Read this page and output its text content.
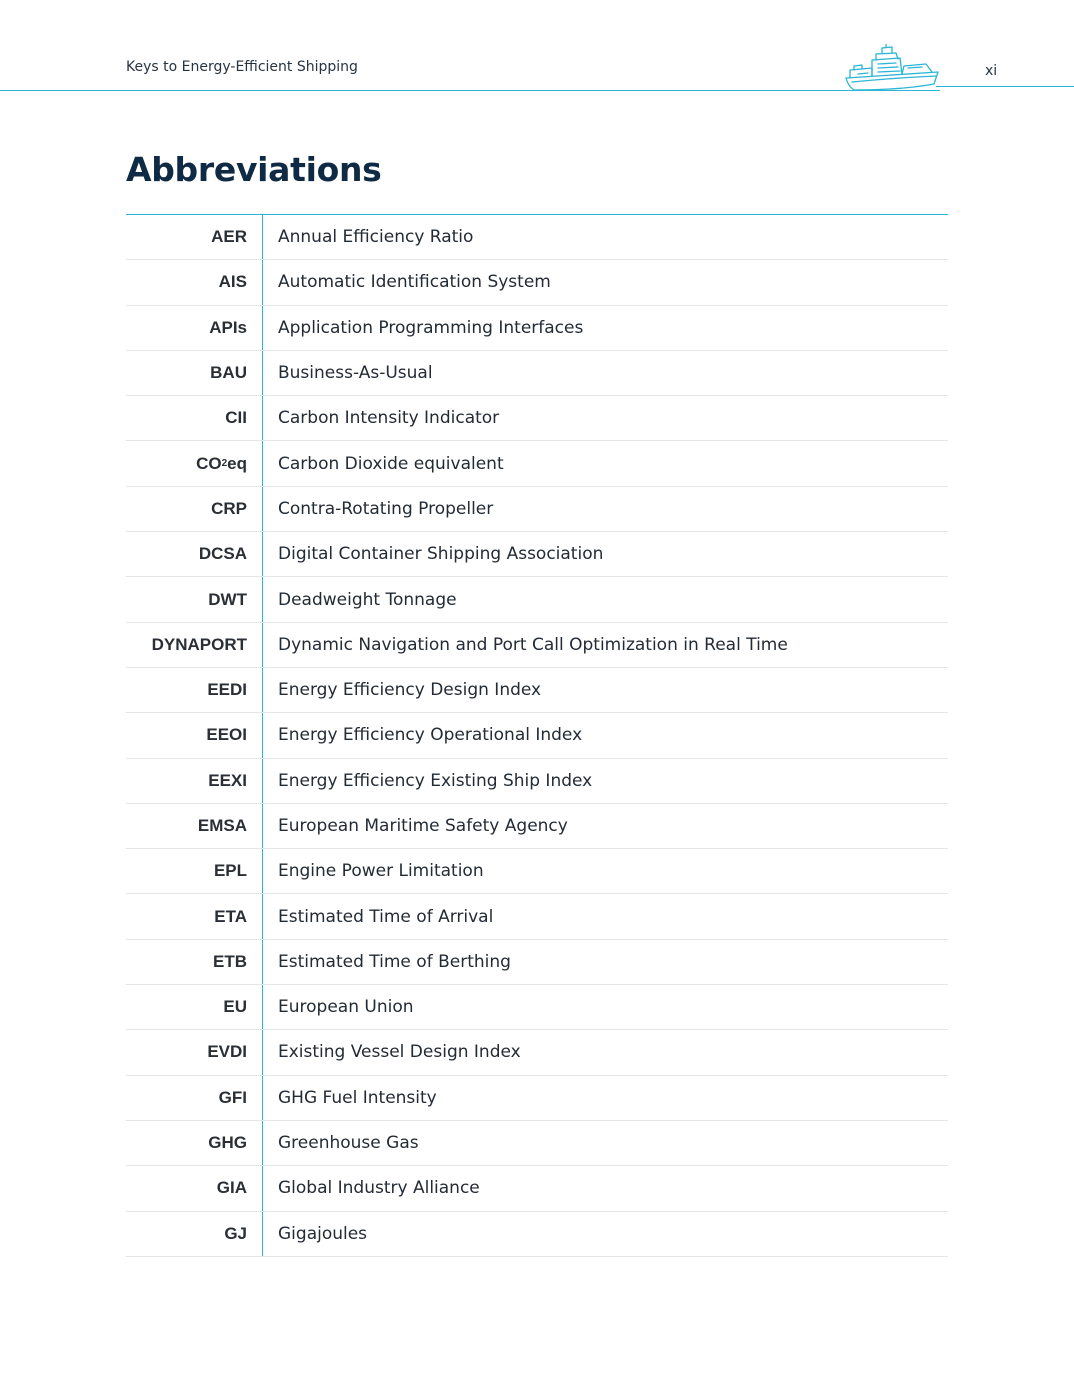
Keys to Energy-Efficient Shipping	xi
Abbreviations
AER	Annual Efficiency Ratio
AIS	Automatic Identification System
APIs	Application Programming Interfaces
BAU	Business-As-Usual
CII	Carbon Intensity Indicator
CO 2 eq	Carbon Dioxide equivalent
CRP	Contra-Rotating Propeller
DCSA	Digital Container Shipping Association
DWT	Deadweight Tonnage
DYNAPORT	Dynamic Navigation and Port Call Optimization in Real Time
EEDI	Energy Efficiency Design Index
EEOI	Energy Efficiency Operational Index
EEXI	Energy Efficiency Existing Ship Index
EMSA	European Maritime Safety Agency
EPL	Engine Power Limitation
ETA	Estimated Time of Arrival
ETB	Estimated Time of Berthing
EU	European Union
EVDI	Existing Vessel Design Index
GFI	GHG Fuel Intensity
GHG	Greenhouse Gas
GIA	Global Industry Alliance
GJ	Gigajoules
